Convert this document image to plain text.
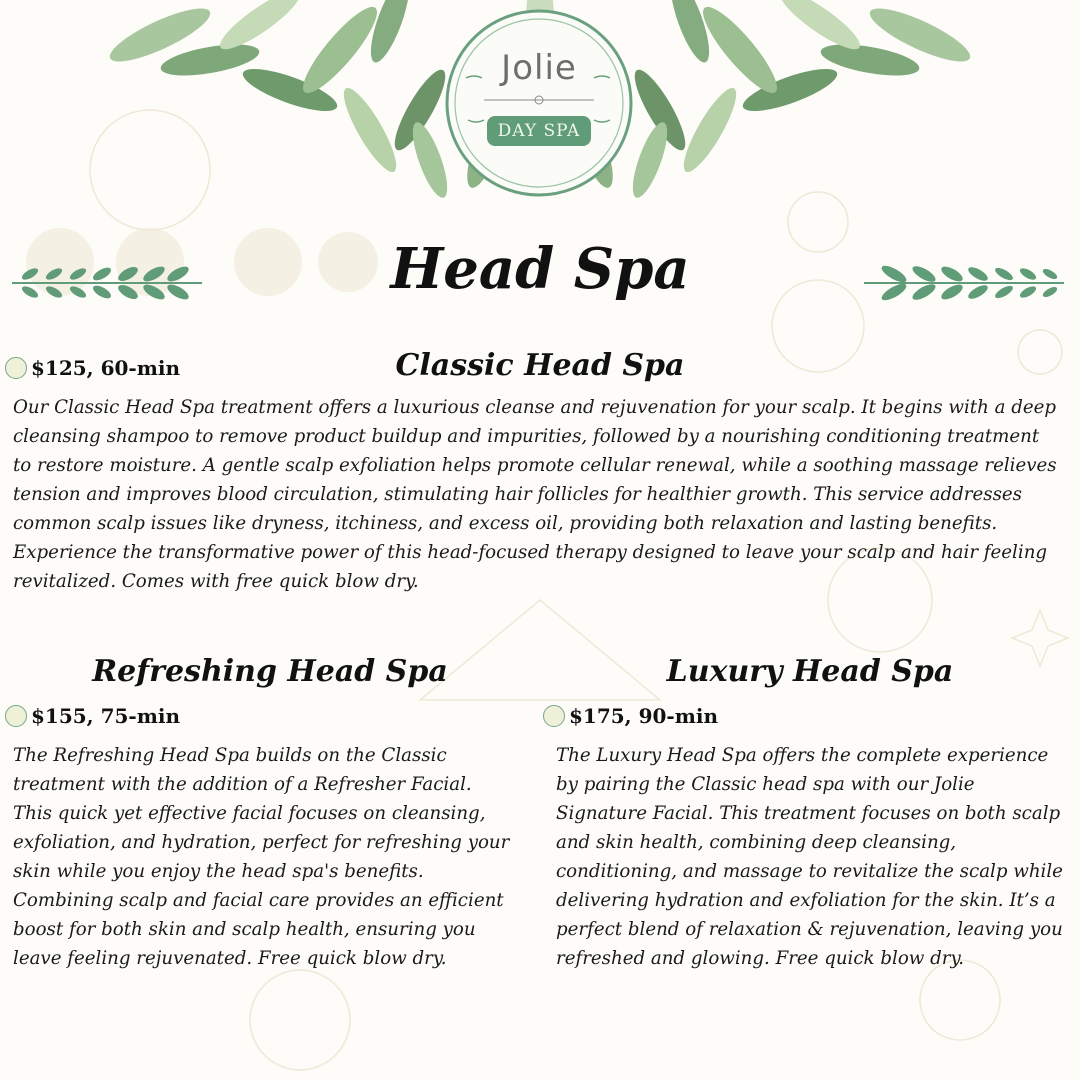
Jolie
DAY SPA
Head Spa
Classic Head Spa
$125, 60-min
Our Classic Head Spa treatment offers a luxurious cleanse and rejuvenation for your scalp. It begins with a deep cleansing shampoo to remove product buildup and impurities, followed by a nourishing conditioning treatment to restore moisture. A gentle scalp exfoliation helps promote cellular renewal, while a soothing massage relieves tension and improves blood circulation, stimulating hair follicles for healthier growth. This service addresses common scalp issues like dryness, itchiness, and excess oil, providing both relaxation and lasting benefits. Experience the transformative power of this head-focused therapy designed to leave your scalp and hair feeling revitalized. Comes with free quick blow dry.
Refreshing Head Spa
$155, 75-min
The Refreshing Head Spa builds on the Classic treatment with the addition of a Refresher Facial. This quick yet effective facial focuses on cleansing, exfoliation, and hydration, perfect for refreshing your skin while you enjoy the head spa's benefits. Combining scalp and facial care provides an efficient boost for both skin and scalp health, ensuring you leave feeling rejuvenated. Free quick blow dry.
Luxury Head Spa
$175, 90-min
The Luxury Head Spa offers the complete experience by pairing the Classic head spa with our Jolie Signature Facial. This treatment focuses on both scalp and skin health, combining deep cleansing, conditioning, and massage to revitalize the scalp while delivering hydration and exfoliation for the skin. It’s a perfect blend of relaxation & rejuvenation, leaving you refreshed and glowing. Free quick blow dry.
